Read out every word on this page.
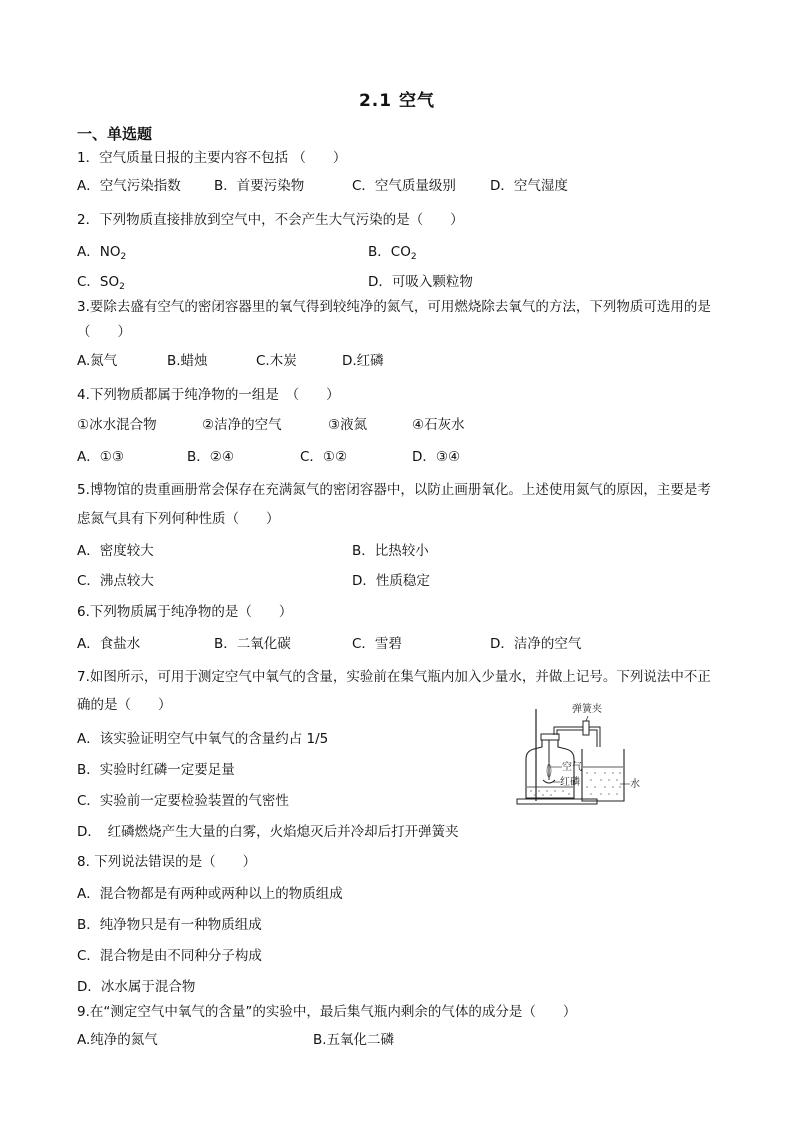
2.1 空气
一、单选题
1．空气质量日报的主要内容不包括 （　　）
A．空气污染指数 B．首要污染物	C．空气质量级别	D．空气湿度
2．下列物质直接排放到空气中，不会产生大气污染的是（　　）
A．$NO_2$	B．$CO_2$
C．$SO_2$	D．可吸入颗粒物
3.要除去盛有空气的密闭容器里的氧气得到较纯净的氮气，可用燃烧除去氧气的方法，下列物质可选用的是
（　　）
A.氮气	B.蜡烛	C.木炭	D.红磷
4.下列物质都属于纯净物的一组是　（　　）
①冰水混合物	②洁净的空气	③液氮	④石灰水
A．①③	B．②④	C．①②	D．③④
5.博物馆的贵重画册常会保存在充满氮气的密闭容器中，以防止画册氧化。上述使用氮气的原因，主要是考
虑氮气具有下列何种性质（　　）
A．密度较大	B．比热较小
C．沸点较大	D．性质稳定
6.下列物质属于纯净物的是（　　）
A．食盐水	B．二氧化碳	C．雪碧	D．洁净的空气
7.如图所示，可用于测定空气中氧气的含量，实验前在集气瓶内加入少量水，并做上记号。下列说法中不正
确的是（　　）
A．该实验证明空气中氧气的含量约占 1/5
B．实验时红磷一定要足量
C．实验前一定要检验装置的气密性
D．　红磷燃烧产生大量的白雾，火焰熄灭后并冷却后打开弹簧夹
弹簧夹
空气
红磷	水
8. 下列说法错误的是（　　）
A．混合物都是有两种或两种以上的物质组成
B．纯净物只是有一种物质组成
C．混合物是由不同种分子构成
D．冰水属于混合物
9.在“测定空气中氧气的含量”的实验中，最后集气瓶内剩余的气体的成分是（　　）
A.纯净的氮气	B.五氧化二磷
